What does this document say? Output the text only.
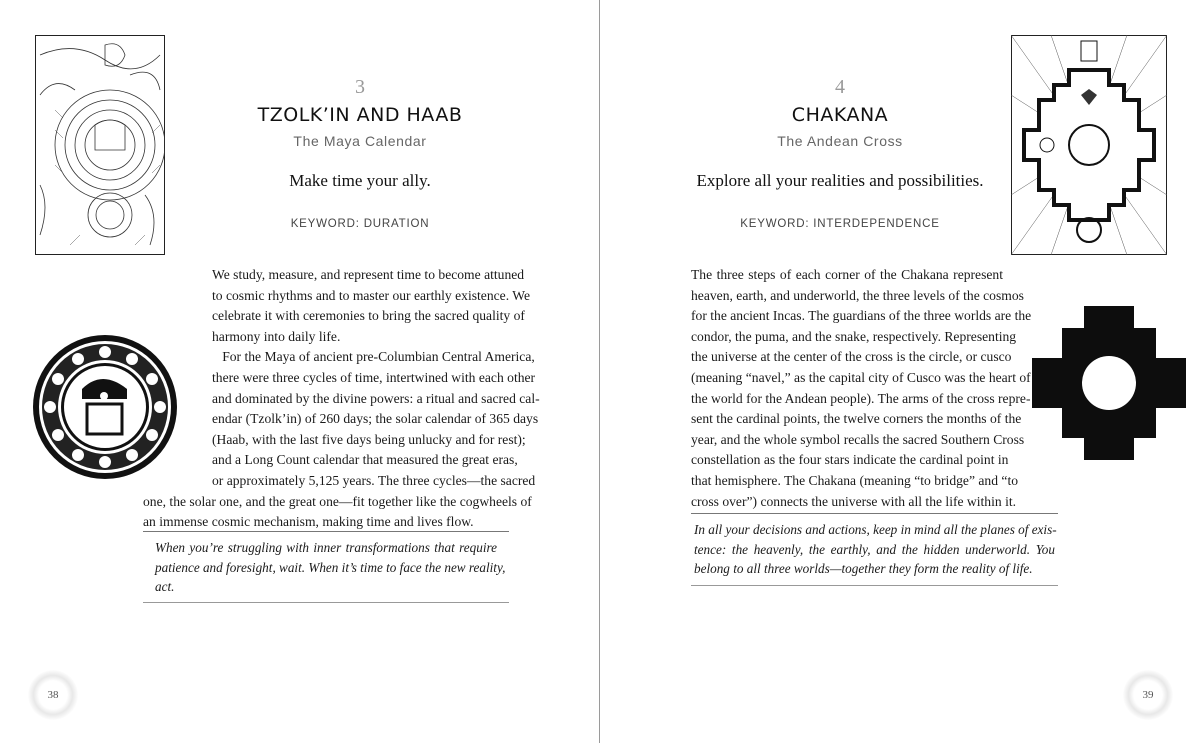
3
TZOLK’IN AND HAAB
The Maya Calendar
Make time your ally.
KEYWORD: DURATION
We study, measure, and represent time to become attuned
to cosmic rhythms and to master our earthly existence. We
celebrate it with ceremonies to bring the sacred quality of
harmony into daily life.
For the Maya of ancient pre-Columbian Central America,
there were three cycles of time, intertwined with each other
and dominated by the divine powers: a ritual and sacred cal-
endar (Tzolk’in) of 260 days; the solar calendar of 365 days
(Haab, with the last five days being unlucky and for rest);
and a Long Count calendar that measured the great eras,
or approximately 5,125 years. The three cycles—the sacred
one, the solar one, and the great one—fit together like the cogwheels of
an immense cosmic mechanism, making time and lives flow.
When you’re struggling with inner transformations that require
patience and foresight, wait. When it’s time to face the new reality,
act.
38
4
CHAKANA
The Andean Cross
Explore all your realities and possibilities.
KEYWORD: INTERDEPENDENCE
The three steps of each corner of the Chakana represent
heaven, earth, and underworld, the three levels of the cosmos
for the ancient Incas. The guardians of the three worlds are the
condor, the puma, and the snake, respectively. Representing
the universe at the center of the cross is the circle, or cusco
(meaning “navel,” as the capital city of Cusco was the heart of
the world for the Andean people). The arms of the cross repre-
sent the cardinal points, the twelve corners the months of the
year, and the whole symbol recalls the sacred Southern Cross
constellation as the four stars indicate the cardinal point in
that hemisphere. The Chakana (meaning “to bridge” and “to
cross over”) connects the universe with all the life within it.
In all your decisions and actions, keep in mind all the planes of exis-
tence: the heavenly, the earthly, and the hidden underworld. You
belong to all three worlds—together they form the reality of life.
39
